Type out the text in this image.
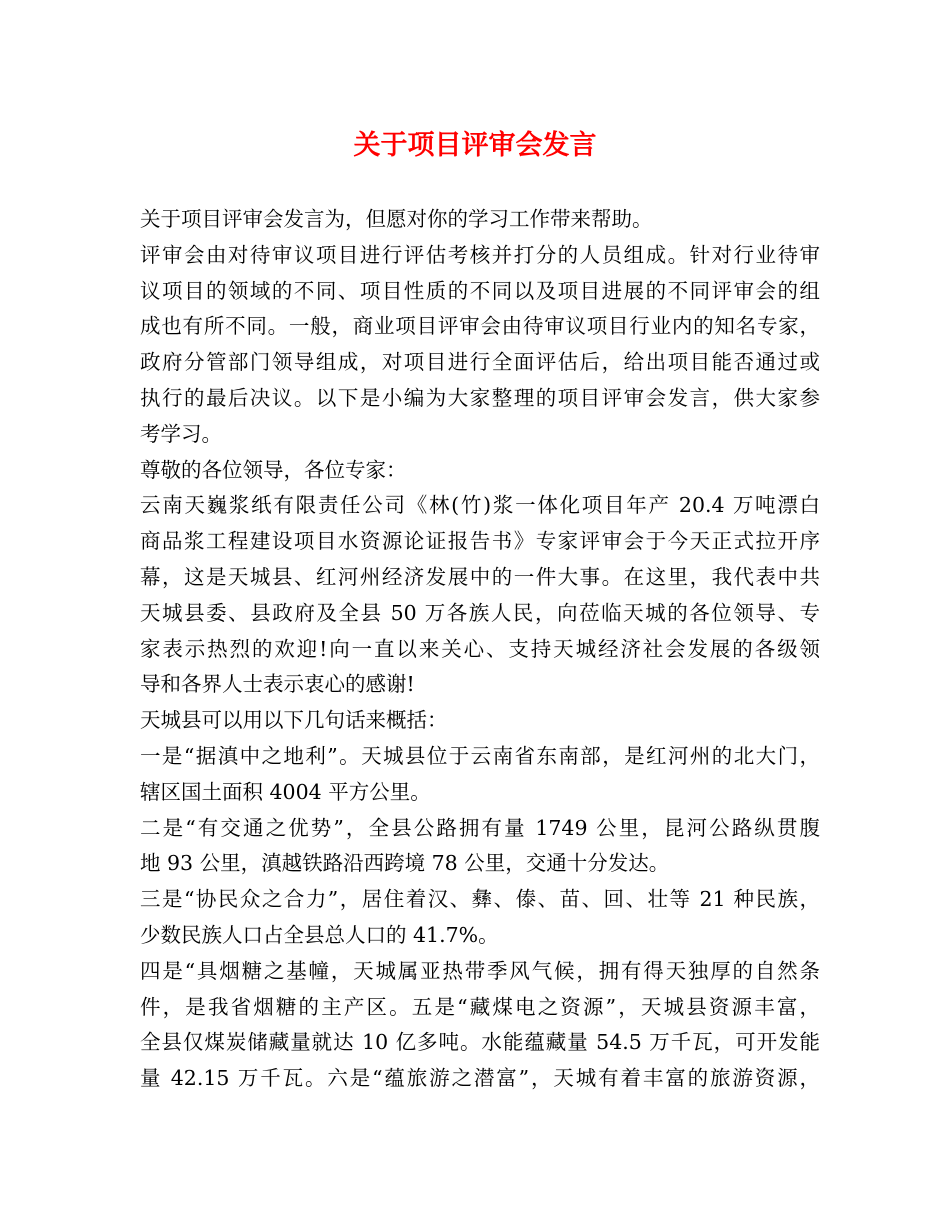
关于项目评审会发言
关于项目评审会发言为，但愿对你的学习工作带来帮助。
评审会由对待审议项目进行评估考核并打分的人员组成。针对行业待审
议项目的领域的不同、项目性质的不同以及项目进展的不同评审会的组
成也有所不同。一般，商业项目评审会由待审议项目行业内的知名专家，
政府分管部门领导组成，对项目进行全面评估后，给出项目能否通过或
执行的最后决议。以下是小编为大家整理的项目评审会发言，供大家参
考学习。
尊敬的各位领导，各位专家：
云南天巍浆纸有限责任公司《林(竹)浆一体化项目年产 20.4 万吨漂白
商品浆工程建设项目水资源论证报告书》专家评审会于今天正式拉开序
幕，这是天城县、红河州经济发展中的一件大事。在这里，我代表中共
天城县委、县政府及全县 50 万各族人民，向莅临天城的各位领导、专
家表示热烈的欢迎!向一直以来关心、支持天城经济社会发展的各级领
导和各界人士表示衷心的感谢!
天城县可以用以下几句话来概括：
一是“据滇中之地利”。天城县位于云南省东南部，是红河州的北大门，
辖区国土面积 4004 平方公里。
二是“有交通之优势”，全县公路拥有量 1749 公里，昆河公路纵贯腹
地 93 公里，滇越铁路沿西跨境 78 公里，交通十分发达。
三是“协民众之合力”，居住着汉、彝、傣、苗、回、壮等 21 种民族，
少数民族人口占全县总人口的 41.7%。
四是“具烟糖之基幢，天城属亚热带季风气候，拥有得天独厚的自然条
件，是我省烟糖的主产区。五是“藏煤电之资源”，天城县资源丰富，
全县仅煤炭储藏量就达 10 亿多吨。水能蕴藏量 54.5 万千瓦，可开发能
量 42.15 万千瓦。六是“蕴旅游之潜富”，天城有着丰富的旅游资源，
